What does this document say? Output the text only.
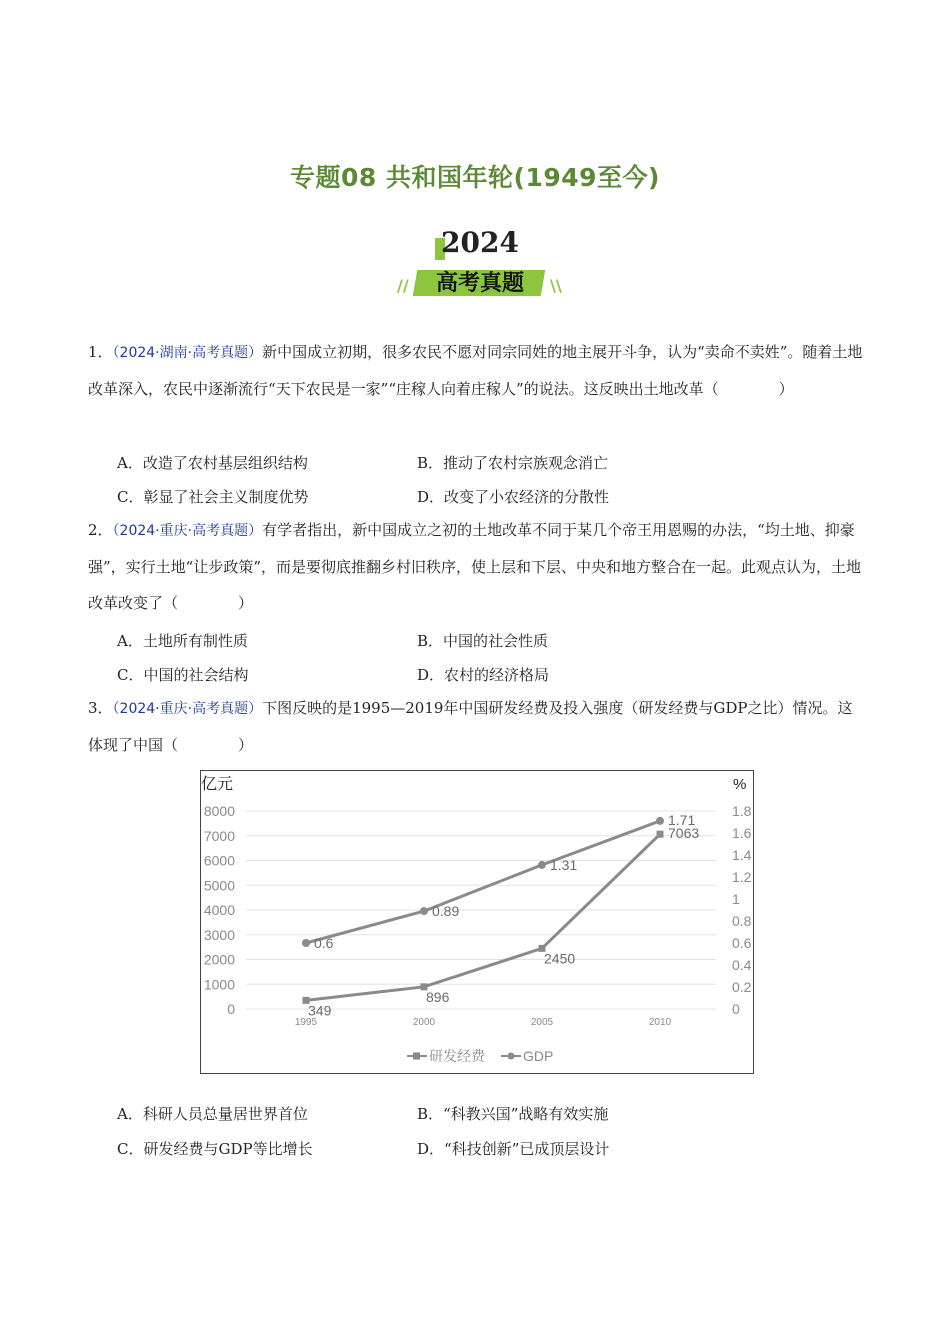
专题08 共和国年轮(1949至今)
2024
//	\\
高考真题
1．（2024·湖南·高考真题）新中国成立初期，很多农民不愿对同宗同姓的地主展开斗争，认为“卖命不卖姓”。随着土地改革深入，农民中逐渐流行“天下农民是一家”“庄稼人向着庄稼人”的说法。这反映出土地改革（　　　　）
A．改造了农村基层组织结构	B．推动了农村宗族观念消亡
C．彰显了社会主义制度优势	D．改变了小农经济的分散性
2．（2024·重庆·高考真题）有学者指出，新中国成立之初的土地改革不同于某几个帝王用恩赐的办法，“均土地、抑豪强”，实行土地“让步政策”，而是要彻底推翻乡村旧秩序，使上层和下层、中央和地方整合在一起。此观点认为，土地改革改变了（　　　　）
A．土地所有制性质	B．中国的社会性质
C．中国的社会结构	D．农村的经济格局
3．（2024·重庆·高考真题）下图反映的是1995—2019年中国研发经费及投入强度（研发经费与GDP之比）情况。这体现了中国（　　　　）
亿元	%
8000
7000
6000
5000
4000
3000
2000
1000
0
1.8
1.6
1.4
1.2
1
0.8
0.6
0.4
0.2
0
1995	2000	2005	2010
349
896
2450
7063
0.6
0.89
1.31
1.71
研发经费	GDP
A．科研人员总量居世界首位	B．“科教兴国”战略有效实施
C．研发经费与GDP等比增长	D．“科技创新”已成顶层设计
